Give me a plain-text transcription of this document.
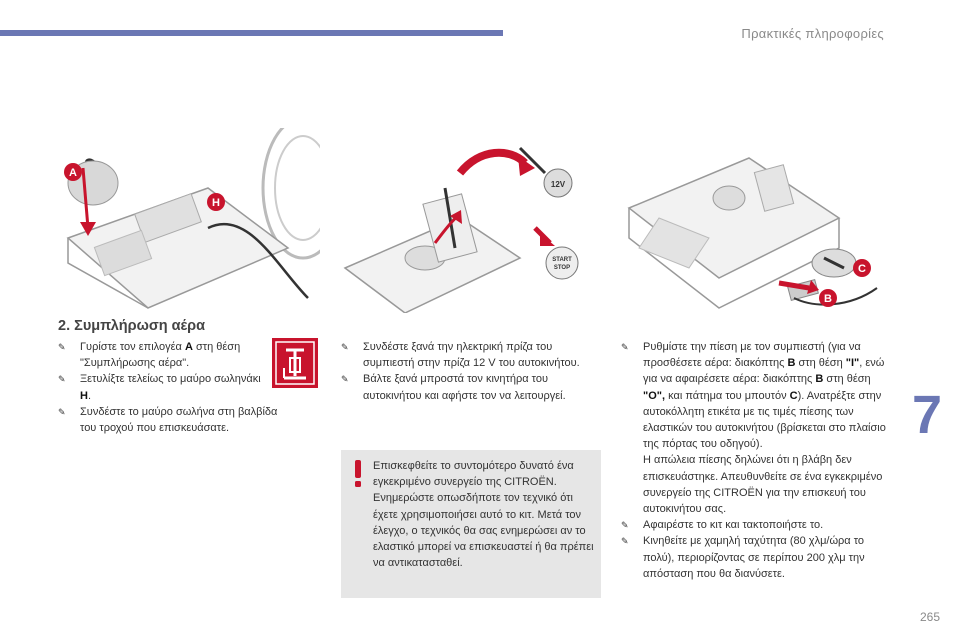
Πρακτικές πληροφορίες
A
H
12V
START
STOP	C
B
2. Συμπλήρωση αέρα
✎ Γυρίστε τον επιλογέα A στη θέση "Συμπλήρωσης αέρα".
✎ Ξετυλίξτε τελείως το μαύρο σωληνάκι H.
✎ Συνδέστε το μαύρο σωλήνα στη βαλβίδα του τροχού που επισκευάσατε.
✎ Συνδέστε ξανά την ηλεκτρική πρίζα του συμπιεστή στην πρίζα 12 V του αυτοκινήτου.
✎ Βάλτε ξανά μπροστά τον κινητήρα του αυτοκινήτου και αφήστε τον να λειτουργεί.
Επισκεφθείτε το συντομότερο δυνατό ένα εγκεκριμένο συνεργείο της CITROËN. Ενημερώστε οπωσδήποτε τον τεχνικό ότι έχετε χρησιμοποιήσει αυτό το κιτ. Μετά τον έλεγχο, ο τεχνικός θα σας ενημερώσει αν το ελαστικό μπορεί να επισκευαστεί ή θα πρέπει να αντικατασταθεί.
✎ Ρυθμίστε την πίεση με τον συμπιεστή (για να προσθέσετε αέρα: διακόπτης B στη θέση "I", ενώ για να αφαιρέσετε αέρα: διακόπτης B στη θέση "O", και πάτημα του μπουτόν C). Ανατρέξτε στην αυτοκόλλητη ετικέτα με τις τιμές πίεσης των ελαστικών του αυτοκινήτου (βρίσκεται στο πλαίσιο της πόρτας του οδηγού).
Η απώλεια πίεσης δηλώνει ότι η βλάβη δεν επισκευάστηκε. Απευθυνθείτε σε ένα εγκεκριμένο συνεργείο της CITROËN για την επισκευή του αυτοκινήτου σας.
✎ Αφαιρέστε το κιτ και τακτοποιήστε το.
✎ Κινηθείτε με χαμηλή ταχύτητα (80 χλμ/ώρα το πολύ), περιορίζοντας σε περίπου 200 χλμ την απόσταση που θα διανύσετε.
7
265
